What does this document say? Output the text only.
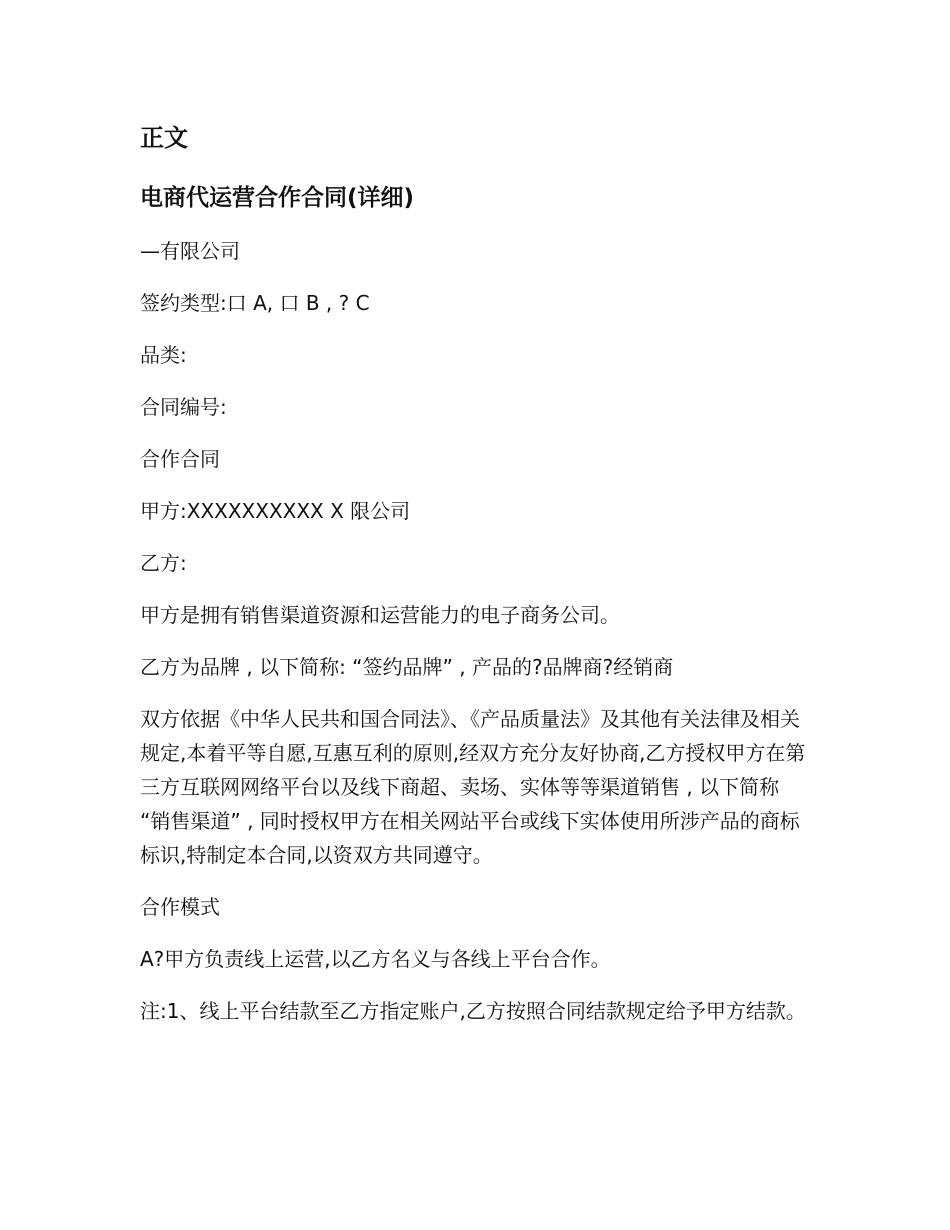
正文
电商代运营合作合同(详细)

—有限公司

签约类型:口 A, 口 B , ? C

品类:

合同编号:

合作合同

甲方:XXXXXXXXXX X 限公司

乙方:

甲方是拥有销售渠道资源和运营能力的电子商务公司。

乙方为品牌 , 以下简称: “签约品牌” , 产品的?品牌商?经销商

双方依据《中华人民共和国合同法》、《产品质量法》及其他有关法律及相关规定,本着平等自愿,互惠互利的原则,经双方充分友好协商,乙方授权甲方在第三方互联网网络平台以及线下商超、卖场、实体等等渠道销售 , 以下简称 “销售渠道” , 同时授权甲方在相关网站平台或线下实体使用所涉产品的商标标识,特制定本合同,以资双方共同遵守。

合作模式

A?甲方负责线上运营,以乙方名义与各线上平台合作。

注:1、线上平台结款至乙方指定账户,乙方按照合同结款规定给予甲方结款。
